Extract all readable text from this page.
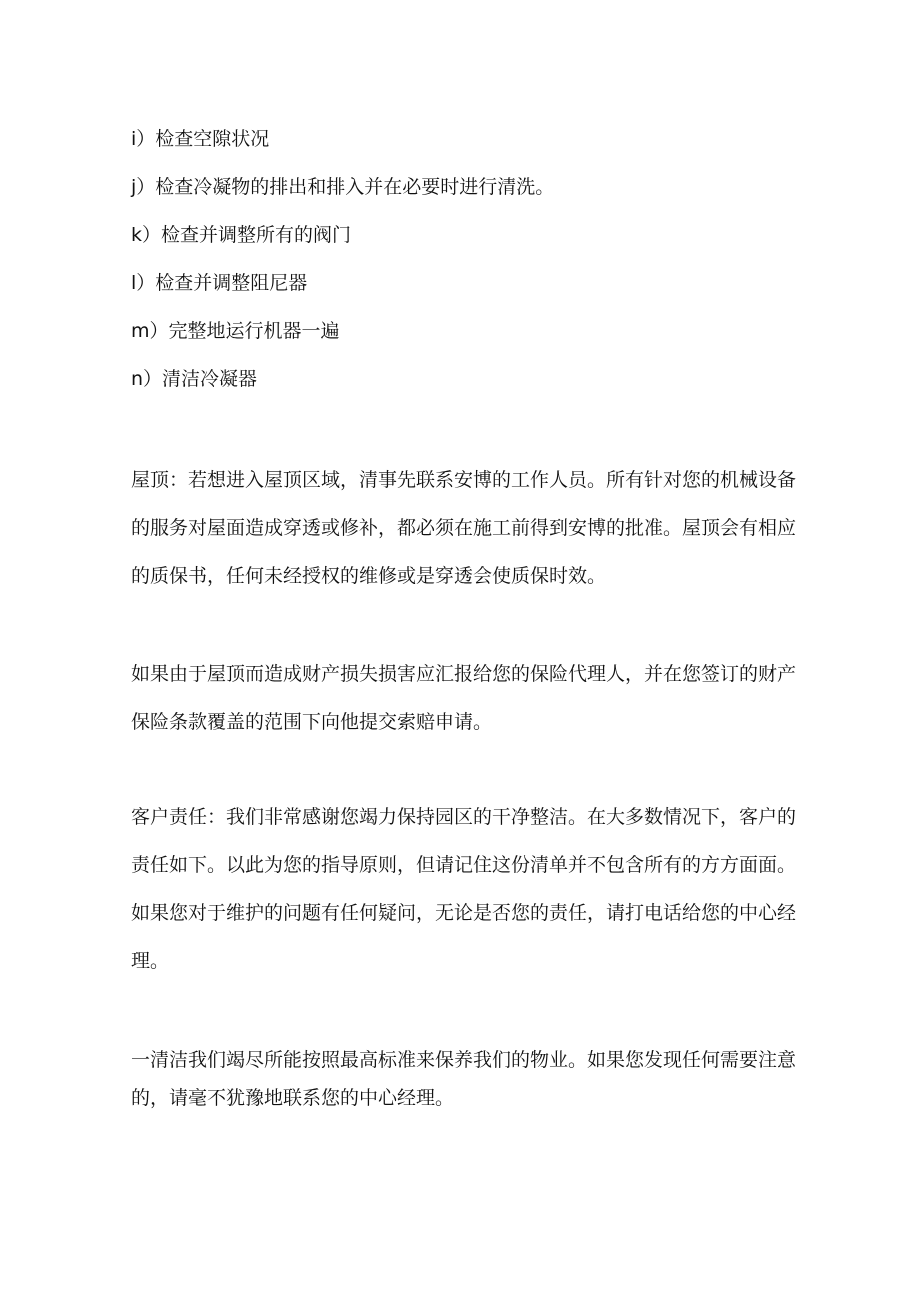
i）检查空隙状况
j）检查冷凝物的排出和排入并在必要时进行清洗。
k）检查并调整所有的阀门
l）检查并调整阻尼器
m）完整地运行机器一遍
n）清洁冷凝器

屋顶：若想进入屋顶区域，清事先联系安博的工作人员。所有针对您的机械设备的服务对屋面造成穿透或修补，都必须在施工前得到安博的批准。屋顶会有相应的质保书，任何未经授权的维修或是穿透会使质保时效。

如果由于屋顶而造成财产损失损害应汇报给您的保险代理人，并在您签订的财产保险条款覆盖的范围下向他提交索赔申请。

客户责任：我们非常感谢您竭力保持园区的干净整洁。在大多数情况下，客户的责任如下。以此为您的指导原则，但请记住这份清单并不包含所有的方方面面。如果您对于维护的问题有任何疑问，无论是否您的责任，请打电话给您的中心经理。

一清洁我们竭尽所能按照最高标准来保养我们的物业。如果您发现任何需要注意的，请毫不犹豫地联系您的中心经理。
